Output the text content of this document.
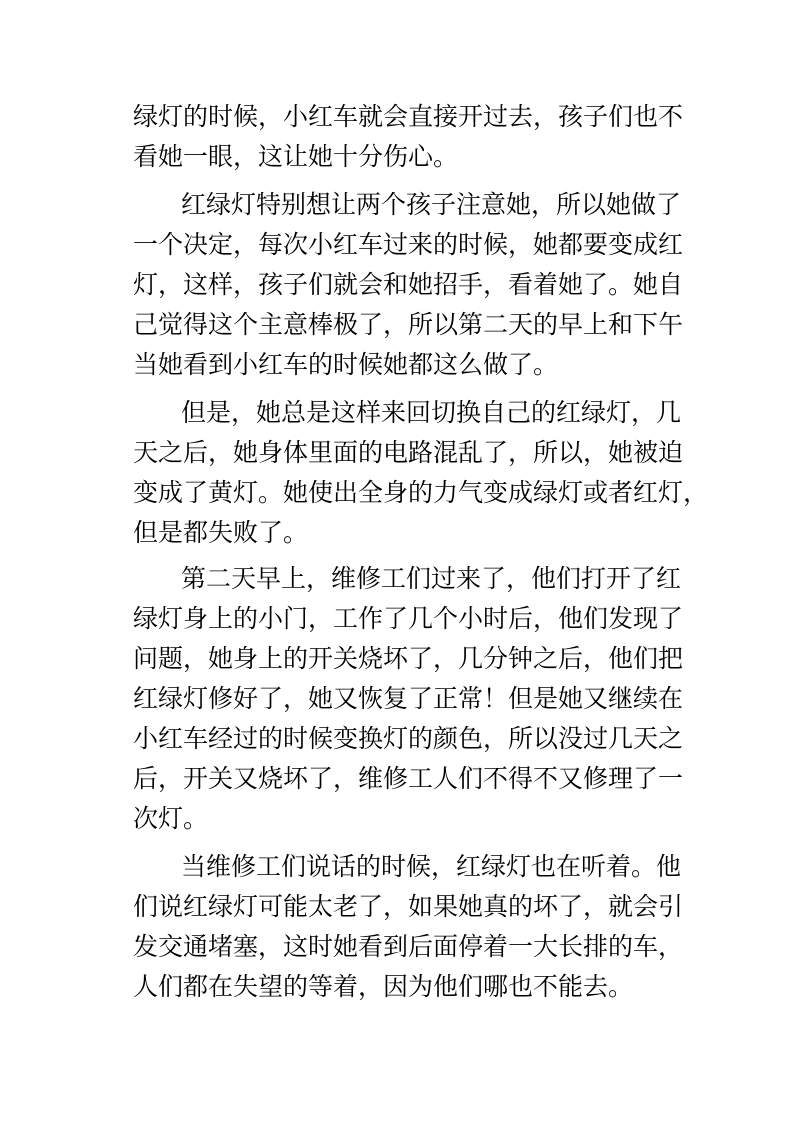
绿灯的时候，小红车就会直接开过去，孩子们也不
看她一眼，这让她十分伤心。
红绿灯特别想让两个孩子注意她，所以她做了
一个决定，每次小红车过来的时候，她都要变成红
灯，这样，孩子们就会和她招手，看着她了。她自
己觉得这个主意棒极了，所以第二天的早上和下午
当她看到小红车的时候她都这么做了。
但是，她总是这样来回切换自己的红绿灯，几
天之后，她身体里面的电路混乱了，所以，她被迫
变成了黄灯。她使出全身的力气变成绿灯或者红灯，
但是都失败了。
第二天早上，维修工们过来了，他们打开了红
绿灯身上的小门，工作了几个小时后，他们发现了
问题，她身上的开关烧坏了，几分钟之后，他们把
红绿灯修好了，她又恢复了正常！但是她又继续在
小红车经过的时候变换灯的颜色，所以没过几天之
后，开关又烧坏了，维修工人们不得不又修理了一
次灯。
当维修工们说话的时候，红绿灯也在听着。他
们说红绿灯可能太老了，如果她真的坏了，就会引
发交通堵塞，这时她看到后面停着一大长排的车，
人们都在失望的等着，因为他们哪也不能去。
